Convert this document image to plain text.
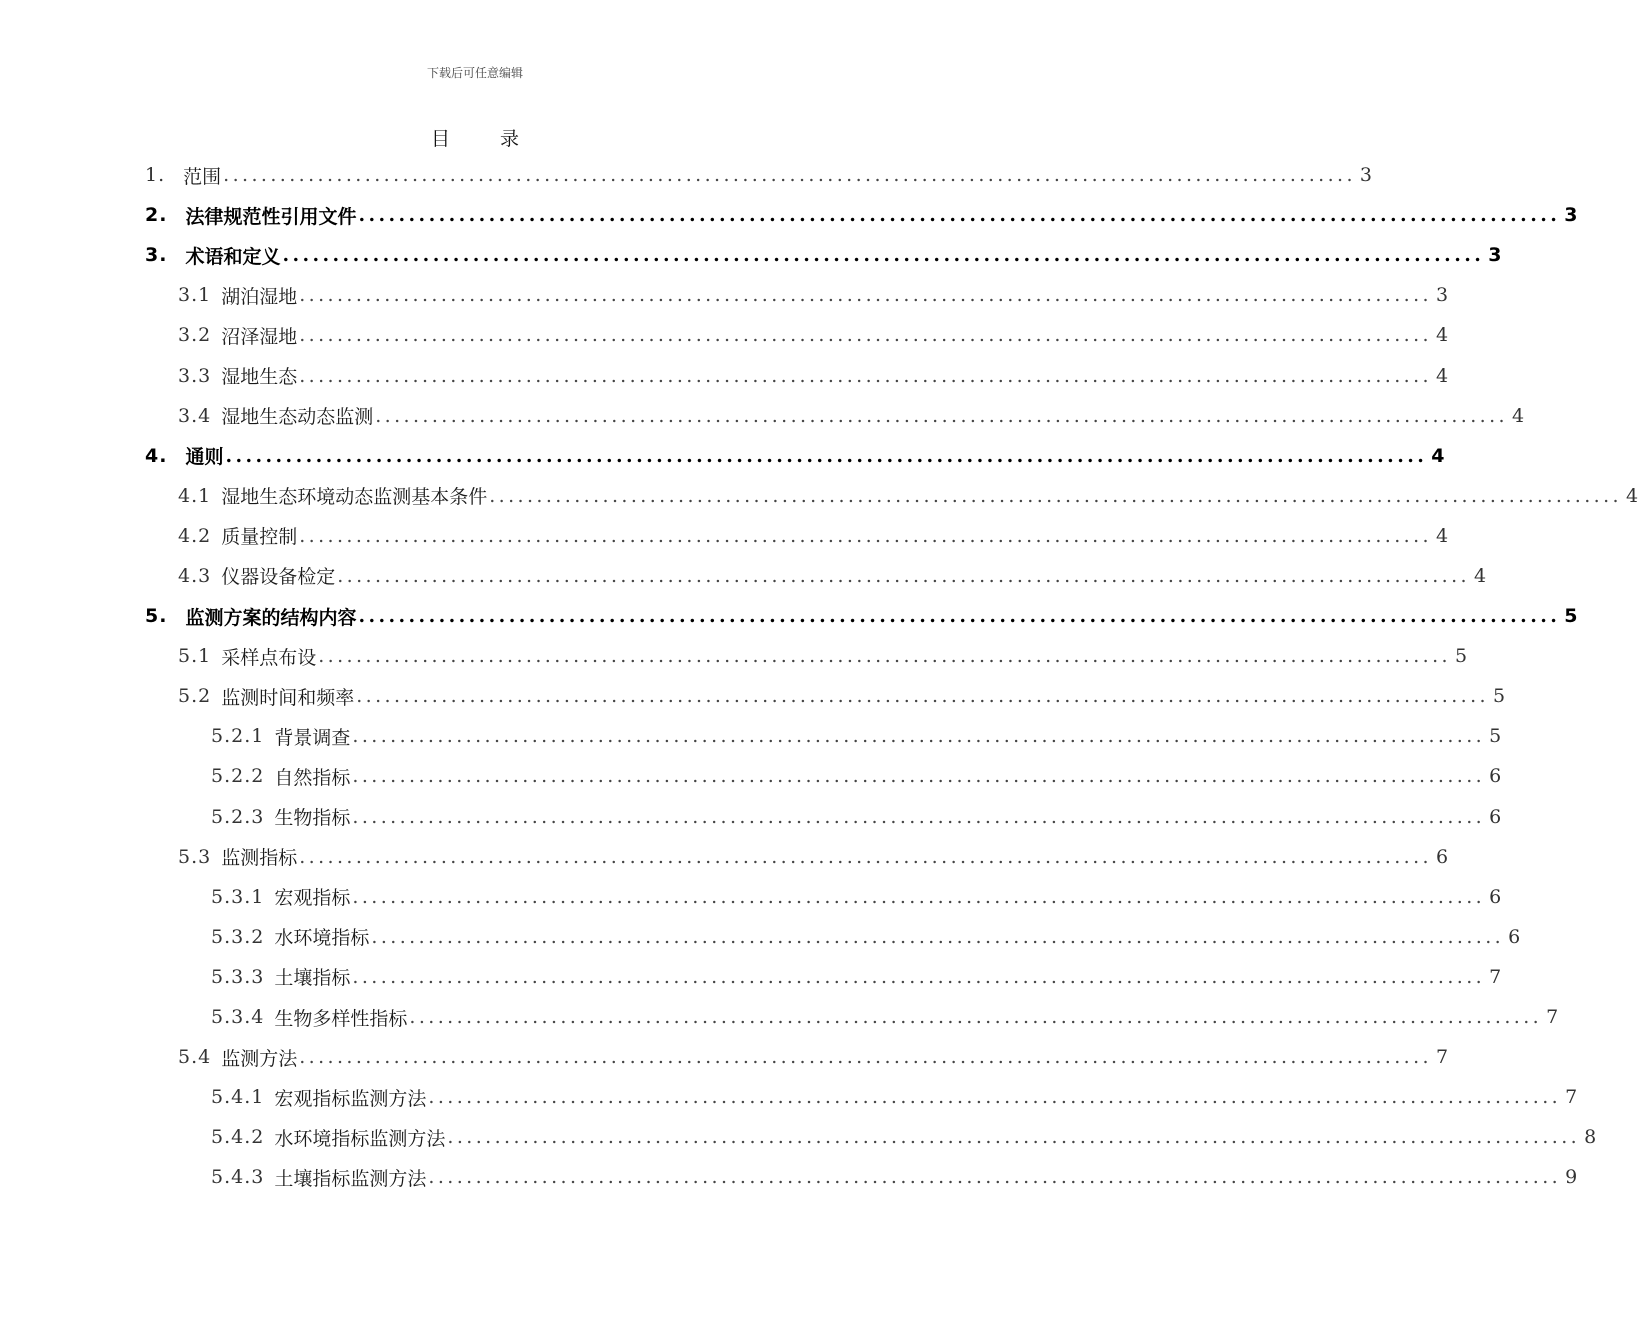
下载后可任意编辑
目 录
1. 范围 ........................................................................................................................ 3
2. 法律规范性引用文件 ........................................................................................................................ 3
3. 术语和定义 ........................................................................................................................ 3
3.1 湖泊湿地 ........................................................................................................................ 3
3.2 沼泽湿地 ........................................................................................................................ 4
3.3 湿地生态 ........................................................................................................................ 4
3.4 湿地生态动态监测 ........................................................................................................................ 4
4. 通则 ........................................................................................................................ 4
4.1 湿地生态环境动态监测基本条件 ........................................................................................................................ 4
4.2 质量控制 ........................................................................................................................ 4
4.3 仪器设备检定 ........................................................................................................................ 4
5. 监测方案的结构内容 ........................................................................................................................ 5
5.1 采样点布设 ........................................................................................................................ 5
5.2 监测时间和频率 ........................................................................................................................ 5
5.2.1 背景调查 ........................................................................................................................ 5
5.2.2 自然指标 ........................................................................................................................ 6
5.2.3 生物指标 ........................................................................................................................ 6
5.3 监测指标 ........................................................................................................................ 6
5.3.1 宏观指标 ........................................................................................................................ 6
5.3.2 水环境指标 ........................................................................................................................ 6
5.3.3 土壤指标 ........................................................................................................................ 7
5.3.4 生物多样性指标 ........................................................................................................................ 7
5.4 监测方法 ........................................................................................................................ 7
5.4.1 宏观指标监测方法 ........................................................................................................................ 7
5.4.2 水环境指标监测方法 ........................................................................................................................ 8
5.4.3 土壤指标监测方法 ........................................................................................................................ 9
